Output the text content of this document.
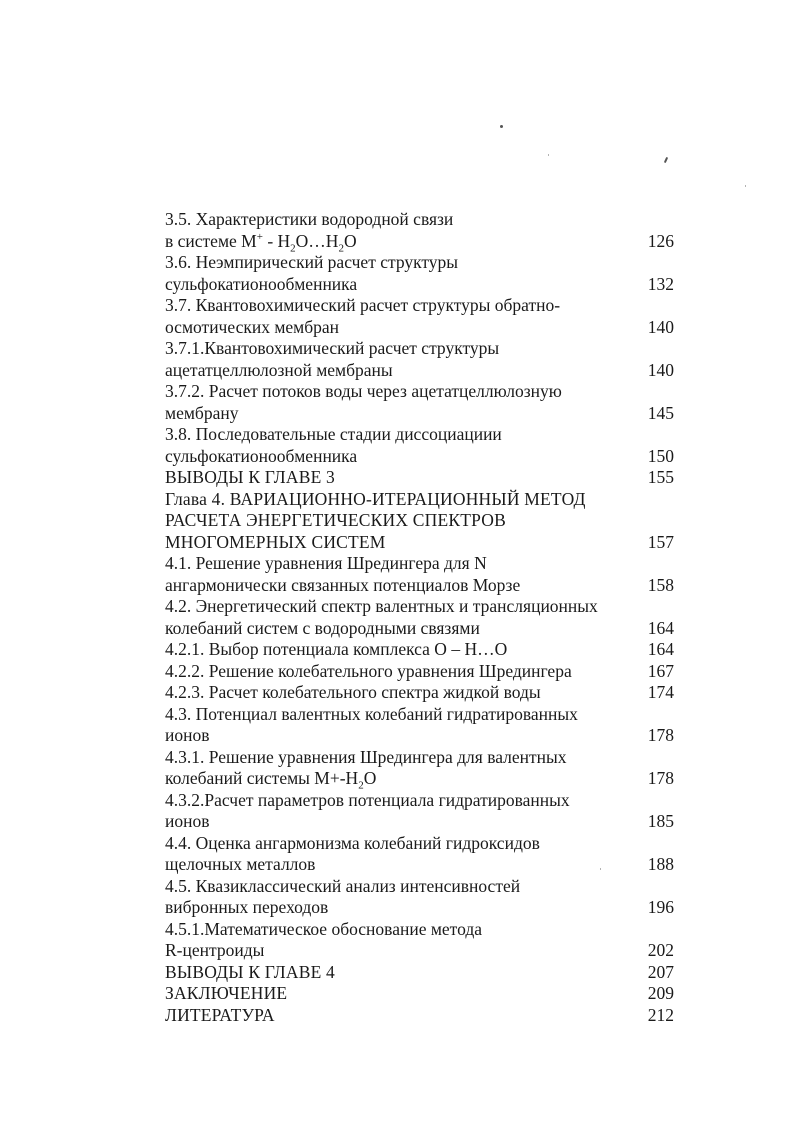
3.5. Характеристики водородной связи
в системе $М^+ - Н_2О\dots Н_2О$	126
3.6. Неэмпирический расчет структуры
сульфокатионообменника	132
3.7. Квантовохимический расчет структуры обратно-
осмотических мембран	140
3.7.1.Квантовохимический расчет структуры
ацетатцеллюлозной мембраны	140
3.7.2. Расчет потоков воды через ацетатцеллюлозную
мембрану	145
3.8. Последовательные стадии диссоциациии
сульфокатионообменника	150
ВЫВОДЫ К ГЛАВЕ 3	155
Глава 4. ВАРИАЦИОННО-ИТЕРАЦИОННЫЙ МЕТОД
РАСЧЕТА ЭНЕРГЕТИЧЕСКИХ СПЕКТРОВ
МНОГОМЕРНЫХ СИСТЕМ	157
4.1. Решение уравнения Шредингера для N
ангармонически связанных потенциалов Морзе	158
4.2. Энергетический спектр валентных и трансляционных
колебаний систем с водородными связями	164
4.2.1. Выбор потенциала комплекса О – Н…О	164
4.2.2. Решение колебательного уравнения Шредингера	167
4.2.3. Расчет колебательного спектра жидкой воды	174
4.3. Потенциал валентных колебаний гидратированных
ионов	178
4.3.1. Решение уравнения Шредингера для валентных
колебаний системы $М+-Н_2О$	178
4.3.2.Расчет параметров потенциала гидратированных
ионов	185
4.4. Оценка ангармонизма колебаний гидроксидов
щелочных металлов	188
4.5. Квазиклассический анализ интенсивностей
вибронных переходов	196
4.5.1.Математическое обоснование метода
R-центроиды	202
ВЫВОДЫ К ГЛАВЕ 4	207
ЗАКЛЮЧЕНИЕ	209
ЛИТЕРАТУРА	212
